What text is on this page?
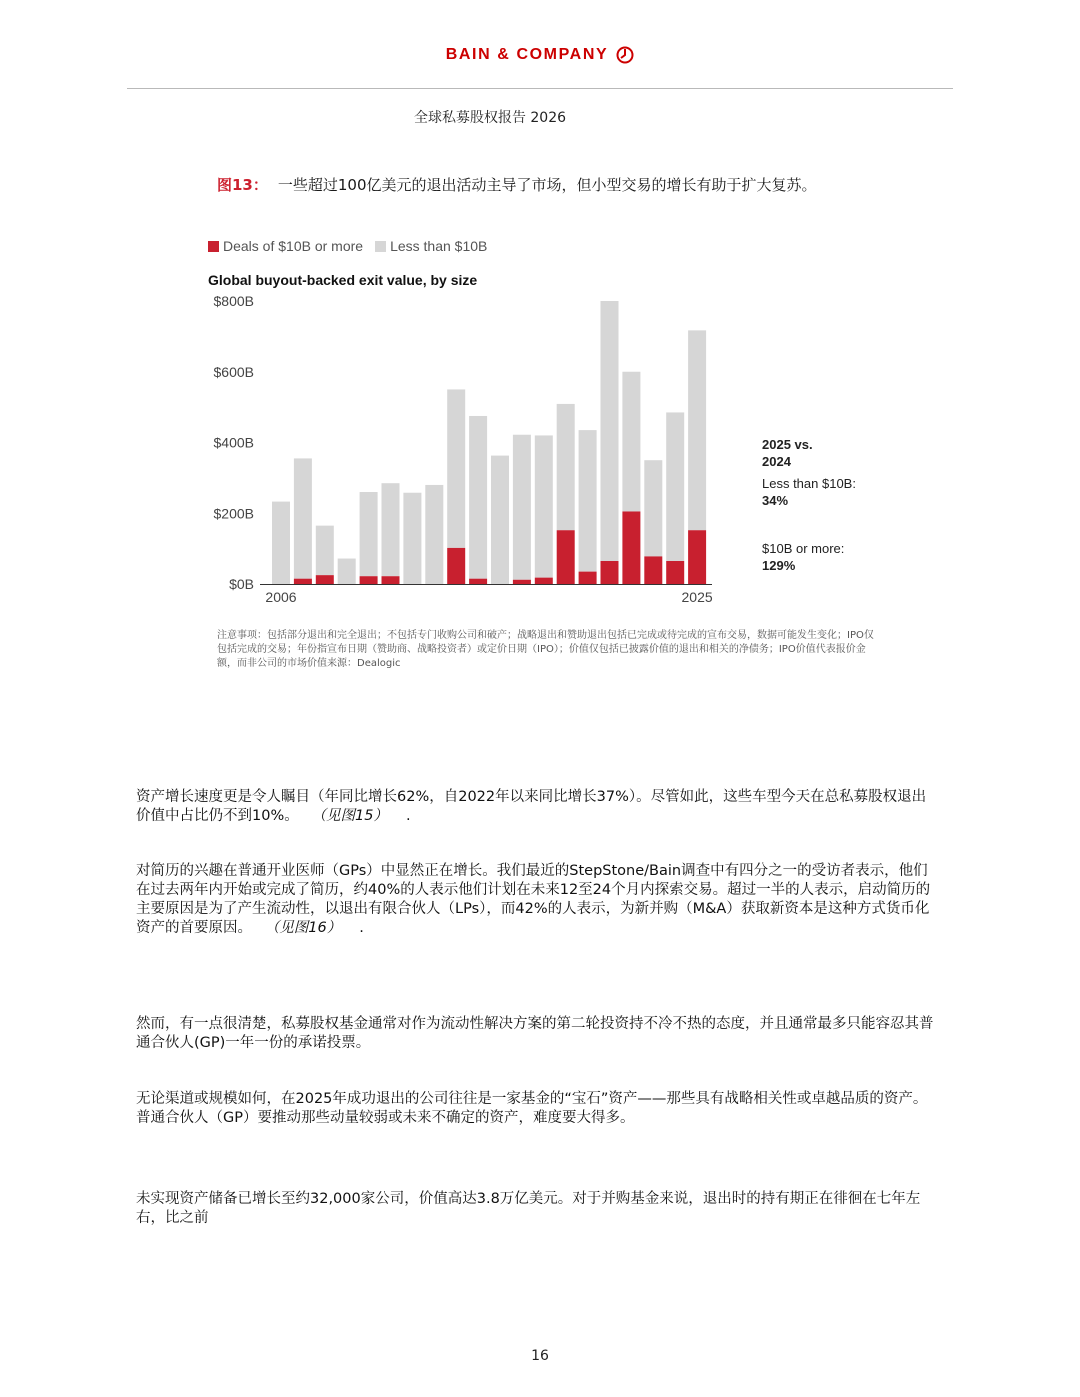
BAIN & COMPANY
全球私募股权报告 2026
图13： 一些超过100亿美元的退出活动主导了市场，但小型交易的增长有助于扩大复苏。
Deals of $10B or more Less than $10B
Global buyout-backed exit value, by size
$0B
$200B
$400B
$600B
$800B
2006	2025
2025 vs.
2024
Less than $10B:
34%
$10B or more:
129%
注意事项：包括部分退出和完全退出；不包括专门收购公司和破产；战略退出和赞助退出包括已完成或待完成的宣布交易，数据可能发生变化；IPO仅包括完成的交易；年份指宣布日期（赞助商、战略投资者）或定价日期（IPO）；价值仅包括已披露价值的退出和相关的净债务；IPO价值代表报价金额，而非公司的市场价值来源：Dealogic
资产增长速度更是令人瞩目（年同比增长62%，自2022年以来同比增长37%）。尽管如此，这些车型今天在总私募股权退出价值中占比仍不到10%。 （见图15） .
对简历的兴趣在普通开业医师（GPs）中显然正在增长。我们最近的StepStone/Bain调查中有四分之一的受访者表示，他们在过去两年内开始或完成了简历，约40%的人表示他们计划在未来12至24个月内探索交易。超过一半的人表示，启动简历的主要原因是为了产生流动性，以退出有限合伙人（LPs），而42%的人表示，为新并购（M&A）获取新资本是这种方式货币化资产的首要原因。 （见图16） .
然而，有一点很清楚，私募股权基金通常对作为流动性解决方案的第二轮投资持不冷不热的态度，并且通常最多只能容忍其普通合伙人(GP)一年一份的承诺投票。
无论渠道或规模如何，在2025年成功退出的公司往往是一家基金的“宝石”资产——那些具有战略相关性或卓越品质的资产。普通合伙人（GP）要推动那些动量较弱或未来不确定的资产，难度要大得多。
未实现资产储备已增长至约32,000家公司，价值高达3.8万亿美元。对于并购基金来说，退出时的持有期正在徘徊在七年左右，比之前
16
